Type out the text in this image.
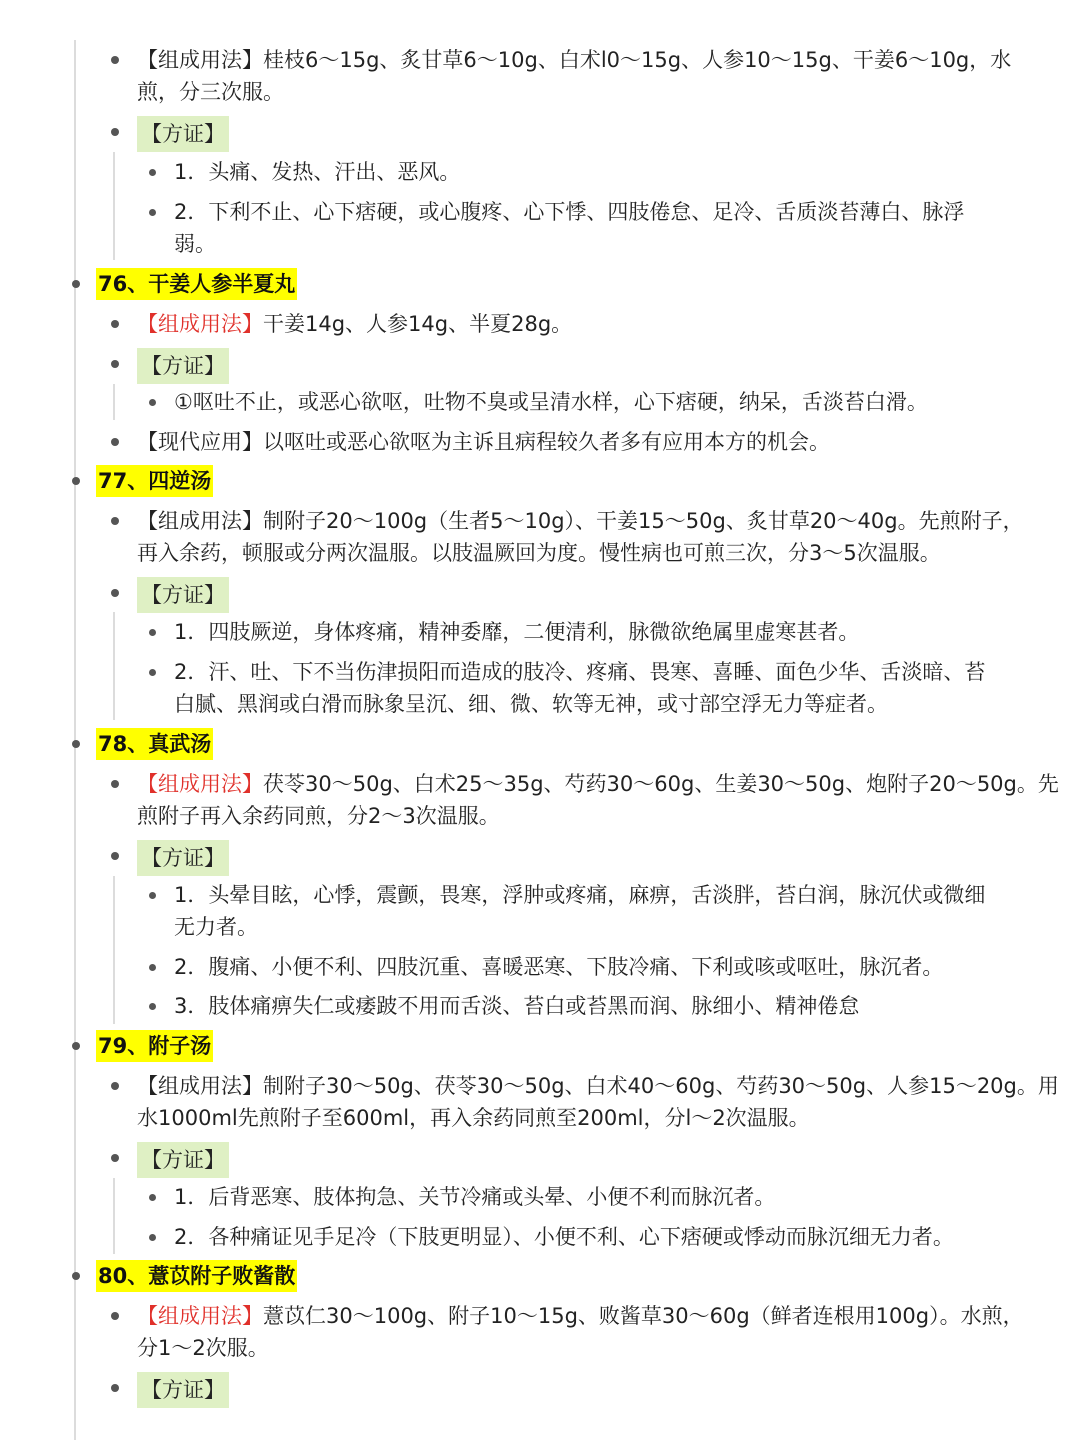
【组成用法】桂枝6～15g、炙甘草6～10g、白术l0～15g、人参10～15g、干姜6～10g，水
煎，分三次服。
【方证】
1．头痛、发热、汗出、恶风。
2．下利不止、心下痞硬，或心腹疼、心下悸、四肢倦怠、足冷、舌质淡苔薄白、脉浮
弱。
76、干姜人参半夏丸
【组成用法】干姜14g、人参14g、半夏28g。
【方证】
①呕吐不止，或恶心欲呕，吐物不臭或呈清水样，心下痞硬，纳呆，舌淡苔白滑。
【现代应用】以呕吐或恶心欲呕为主诉且病程较久者多有应用本方的机会。
77、四逆汤
【组成用法】制附子20～100g（生者5～10g）、干姜15～50g、炙甘草20～40g。先煎附子，
再入余药，顿服或分两次温服。以肢温厥回为度。慢性病也可煎三次，分3～5次温服。
【方证】
1．四肢厥逆，身体疼痛，精神委靡，二便清利，脉微欲绝属里虚寒甚者。
2．汗、吐、下不当伤津损阳而造成的肢冷、疼痛、畏寒、喜睡、面色少华、舌淡暗、苔
白腻、黑润或白滑而脉象呈沉、细、微、软等无神，或寸部空浮无力等症者。
78、真武汤
【组成用法】茯苓30～50g、白术25～35g、芍药30～60g、生姜30～50g、炮附子20～50g。先
煎附子再入余药同煎，分2～3次温服。
【方证】
1．头晕目眩，心悸，震颤，畏寒，浮肿或疼痛，麻痹，舌淡胖，苔白润，脉沉伏或微细
无力者。
2．腹痛、小便不利、四肢沉重、喜暖恶寒、下肢冷痛、下利或咳或呕吐，脉沉者。
3．肢体痛痹失仁或痿跛不用而舌淡、苔白或苔黑而润、脉细小、精神倦怠
79、附子汤
【组成用法】制附子30～50g、茯苓30～50g、白术40～60g、芍药30～50g、人参15～20g。用
水1000ml先煎附子至600ml，再入余药同煎至200ml，分l～2次温服。
【方证】
1．后背恶寒、肢体拘急、关节冷痛或头晕、小便不利而脉沉者。
2．各种痛证见手足冷（下肢更明显）、小便不利、心下痞硬或悸动而脉沉细无力者。
80、薏苡附子败酱散
【组成用法】薏苡仁30～100g、附子10～15g、败酱草30～60g（鲜者连根用100g）。水煎，
分1～2次服。
【方证】
